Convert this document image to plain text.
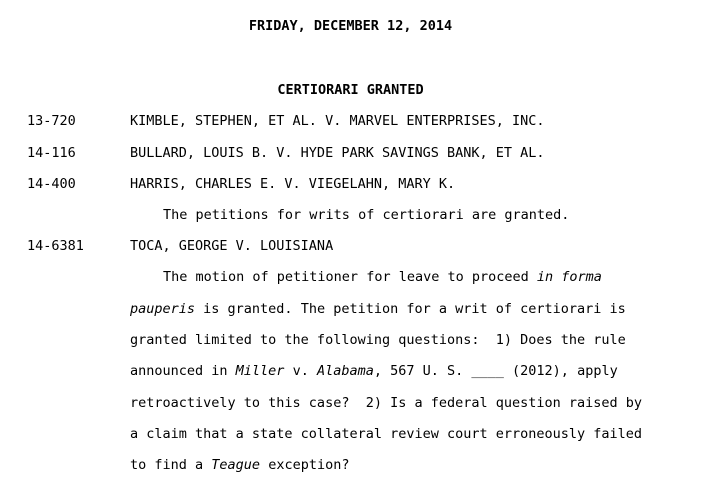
FRIDAY, DECEMBER 12, 2014
CERTIORARI GRANTED
13-720	KIMBLE, STEPHEN, ET AL. V. MARVEL ENTERPRISES, INC.
14-116	BULLARD, LOUIS B. V. HYDE PARK SAVINGS BANK, ET AL.
14-400	HARRIS, CHARLES E. V. VIEGELAHN, MARY K.
The petitions for writs of certiorari are granted.
14-6381	TOCA, GEORGE V. LOUISIANA
The motion of petitioner for leave to proceed in forma
pauperis is granted. The petition for a writ of certiorari is
granted limited to the following questions:  1) Does the rule
announced in Miller v. Alabama, 567 U. S. ____ (2012), apply
retroactively to this case?  2) Is a federal question raised by
a claim that a state collateral review court erroneously failed
to find a Teague exception?
